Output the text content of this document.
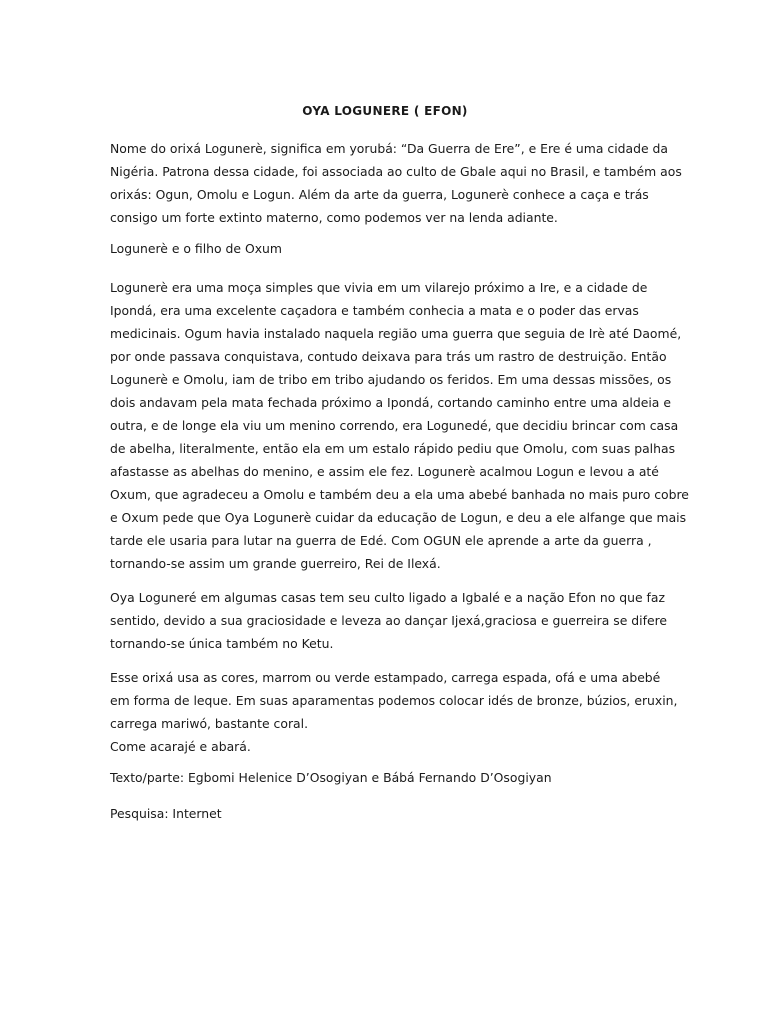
OYA LOGUNERE ( EFON)
Nome do orixá Logunerè, significa em yorubá: “Da Guerra de Ere”, e Ere é uma cidade da
Nigéria. Patrona dessa cidade, foi associada ao culto de Gbale aqui no Brasil, e também aos
orixás: Ogun, Omolu e Logun. Além da arte da guerra, Logunerè conhece a caça e trás
consigo um forte extinto materno, como podemos ver na lenda adiante.
Logunerè e o filho de Oxum
Logunerè era uma moça simples que vivia em um vilarejo próximo a Ire, e a cidade de
Ipondá, era uma excelente caçadora e também conhecia a mata e o poder das ervas
medicinais. Ogum havia instalado naquela região uma guerra que seguia de Irè até Daomé,
por onde passava conquistava, contudo deixava para trás um rastro de destruição. Então
Logunerè e Omolu, iam de tribo em tribo ajudando os feridos. Em uma dessas missões, os
dois andavam pela mata fechada próximo a Ipondá, cortando caminho entre uma aldeia e
outra, e de longe ela viu um menino correndo, era Logunedé, que decidiu brincar com casa
de abelha, literalmente, então ela em um estalo rápido pediu que Omolu, com suas palhas
afastasse as abelhas do menino, e assim ele fez. Logunerè acalmou Logun e levou a até
Oxum, que agradeceu a Omolu e também deu a ela uma abebé banhada no mais puro cobre
e Oxum pede que Oya Logunerè cuidar da educação de Logun, e deu a ele alfange que mais
tarde ele usaria para lutar na guerra de Edé. Com OGUN ele aprende a arte da guerra ,
tornando-se assim um grande guerreiro, Rei de Ilexá.
Oya Loguneré em algumas casas tem seu culto ligado a Igbalé e a nação Efon no que faz
sentido, devido a sua graciosidade e leveza ao dançar Ijexá,graciosa e guerreira se difere
tornando-se única também no Ketu.
Esse orixá usa as cores, marrom ou verde estampado, carrega espada, ofá e uma abebé
em forma de leque. Em suas aparamentas podemos colocar idés de bronze, búzios, eruxin,
carrega mariwó, bastante coral.
Come acarajé e abará.
Texto/parte: Egbomi Helenice D’Osogiyan e Bábá Fernando D’Osogiyan
Pesquisa: Internet
